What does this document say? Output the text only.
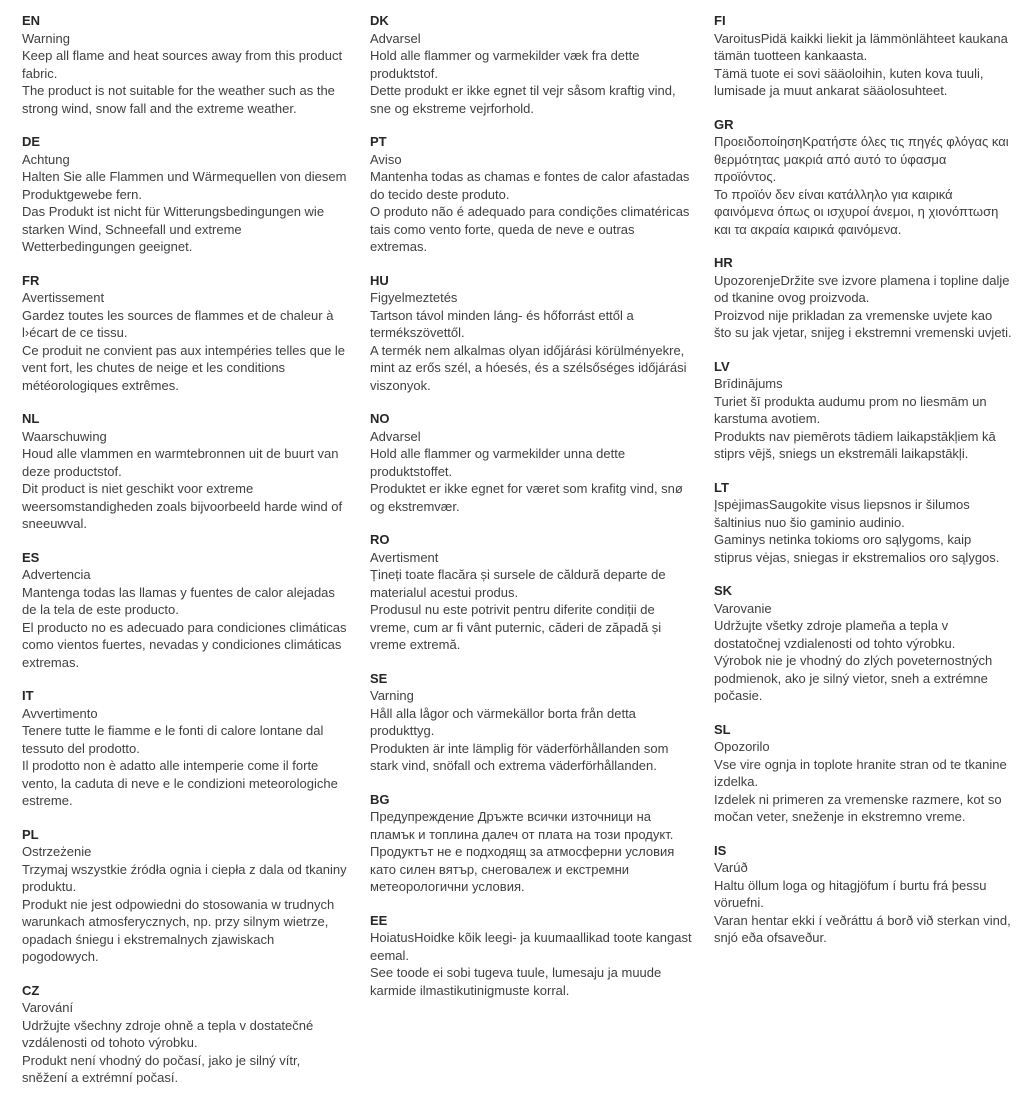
EN
Warning

Keep all flame and heat sources away from this product fabric.

The product is not suitable for the weather such as the strong wind, snow fall and the extreme weather.

DE
Achtung

Halten Sie alle Flammen und Wärmequellen von diesem Produktgewebe fern.

Das Produkt ist nicht für Witterungsbedingungen wie starken Wind, Schneefall und extreme Wetterbedingungen geeignet.

FR
Avertissement

Gardez toutes les sources de flammes et de chaleur à l›écart de ce tissu.

Ce produit ne convient pas aux intempéries telles que le vent fort, les chutes de neige et les conditions météorologiques extrêmes.

NL
Waarschuwing

Houd alle vlammen en warmtebronnen uit de buurt van deze productstof.

Dit product is niet geschikt voor extreme weersomstandigheden zoals bijvoorbeeld harde wind of sneeuwval.

ES
Advertencia

Mantenga todas las llamas y fuentes de calor alejadas de la tela de este producto.

El producto no es adecuado para condiciones climáticas como vientos fuertes, nevadas y condiciones climáticas extremas.

IT
Avvertimento

Tenere tutte le fiamme e le fonti di calore lontane dal tessuto del prodotto.

Il prodotto non è adatto alle intemperie come il forte vento, la caduta di neve e le condizioni meteorologiche estreme.

PL
Ostrzeżenie

Trzymaj wszystkie źródła ognia i ciepła z dala od tkaniny produktu.

Produkt nie jest odpowiedni do stosowania w trudnych warunkach atmosferycznych, np. przy silnym wietrze, opadach śniegu i ekstremalnych zjawiskach pogodowych.

CZ
Varování

Udržujte všechny zdroje ohně a tepla v dostatečné vzdálenosti od tohoto výrobku.

Produkt není vhodný do počasí, jako je silný vítr, sněžení a extrémní počasí.

DK
Advarsel

Hold alle flammer og varmekilder væk fra dette produktstof.

Dette produkt er ikke egnet til vejr såsom kraftig vind, sne og ekstreme vejrforhold.

PT
Aviso

Mantenha todas as chamas e fontes de calor afastadas do tecido deste produto.

O produto não é adequado para condições climatéricas tais como vento forte, queda de neve e outras extremas.

HU
Figyelmeztetés

Tartson távol minden láng- és hőforrást ettől a termékszövettől.

A termék nem alkalmas olyan időjárási körülményekre, mint az erős szél, a hóesés, és a szélsőséges időjárási viszonyok.

NO
Advarsel

Hold alle flammer og varmekilder unna dette produktstoffet.

Produktet er ikke egnet for været som krafitg vind, snø og ekstremvær.

RO
Avertisment

Țineți toate flacăra și sursele de căldură departe de materialul acestui produs.

Produsul nu este potrivit pentru diferite condiții de vreme, cum ar fi vânt puternic, căderi de zăpadă și vreme extremă.

SE
Varning

Håll alla lågor och värmekällor borta från detta produkttyg.

Produkten är inte lämplig för väderförhållanden som stark vind, snöfall och extrema väderförhållanden.

BG

Предупреждение Дръжте всички източници на пламък и топлина далеч от плата на този продукт.

Продуктът не е подходящ за атмосферни условия като силен вятър, снеговалеж и екстремни метеорологични условия.

EE

HoiatusHoidke kõik leegi- ja kuumaallikad toote kangast eemal.

See toode ei sobi tugeva tuule, lumesaju ja muude karmide ilmastikutinigmuste korral.

FI

VaroitusPidä kaikki liekit ja lämmönlähteet kaukana tämän tuotteen kankaasta.

Tämä tuote ei sovi sääoloihin, kuten kova tuuli, lumisade ja muut ankarat sääolosuhteet.

GR

ΠροειδοποίησηΚρατήστε όλες τις πηγές φλόγας και θερμότητας μακριά από αυτό το ύφασμα προϊόντος.

Το προϊόν δεν είναι κατάλληλο για καιρικά φαινόμενα όπως οι ισχυροί άνεμοι, η χιονόπτωση και τα ακραία καιρικά φαινόμενα.

HR

UpozorenjeDržite sve izvore plamena i topline dalje od tkanine ovog proizvoda.

Proizvod nije prikladan za vremenske uvjete kao što su jak vjetar, snijeg i ekstremni vremenski uvjeti.

LV
Brīdinājums

Turiet šī produkta audumu prom no liesmām un karstuma avotiem.

Produkts nav piemērots tādiem laikapstākļiem kā stiprs vējš, sniegs un ekstremāli laikapstākļi.

LT

ĮspėjimasSaugokite visus liepsnos ir šilumos šaltinius nuo šio gaminio audinio.

Gaminys netinka tokioms oro sąlygoms, kaip stiprus vėjas, sniegas ir ekstremalios oro sąlygos.

SK
Varovanie

Udržujte všetky zdroje plameňa a tepla v dostatočnej vzdialenosti od tohto výrobku.

Výrobok nie je vhodný do zlých poveternostných podmienok, ako je silný vietor, sneh a extrémne počasie.

SL
Opozorilo

Vse vire ognja in toplote hranite stran od te tkanine izdelka.

Izdelek ni primeren za vremenske razmere, kot so močan veter, sneženje in ekstremno vreme.

IS
Varúð

Haltu öllum loga og hitagjöfum í burtu frá þessu vöruefni.

Varan hentar ekki í veðráttu á borð við sterkan vind, snjó eða ofsaveður.
